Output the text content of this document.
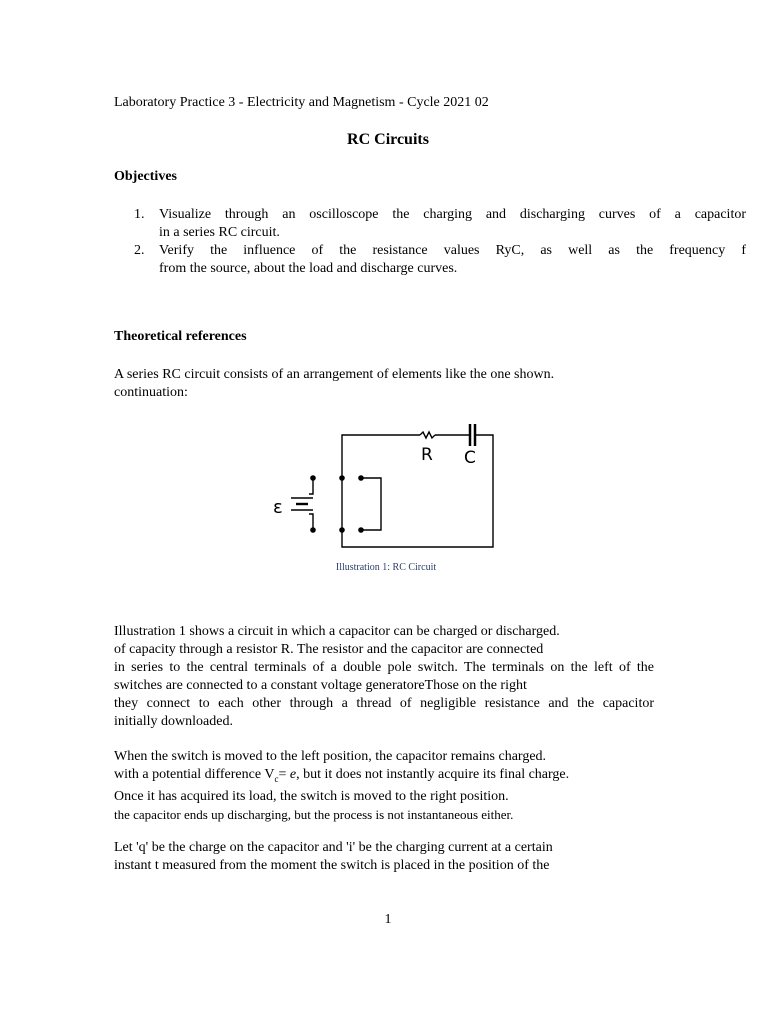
Laboratory Practice 3 - Electricity and Magnetism - Cycle 2021 02
RC Circuits
Objectives
1. Visualize through an oscilloscope the charging and discharging curves of a capacitor
in a series RC circuit.
2. Verify the influence of the resistance values RyC, as well as the frequency f
from the source, about the load and discharge curves.
Theoretical references
A series RC circuit consists of an arrangement of elements like the one shown.
continuation:
ε
R C
Illustration 1: RC Circuit
Illustration 1 shows a circuit in which a capacitor can be charged or discharged.
of capacity through a resistor R. The resistor and the capacitor are connected
in series to the central terminals of a double pole switch. The terminals on the left of the
switches are connected to a constant voltage generatoreThose on the right
they connect to each other through a thread of negligible resistance and the capacitor
initially downloaded.
When the switch is moved to the left position, the capacitor remains charged.
with a potential difference $V_c= e$, but it does not instantly acquire its final charge.
Once it has acquired its load, the switch is moved to the right position.
the capacitor ends up discharging, but the process is not instantaneous either.
Let 'q' be the charge on the capacitor and 'i' be the charging current at a certain
instant t measured from the moment the switch is placed in the position of the
1
